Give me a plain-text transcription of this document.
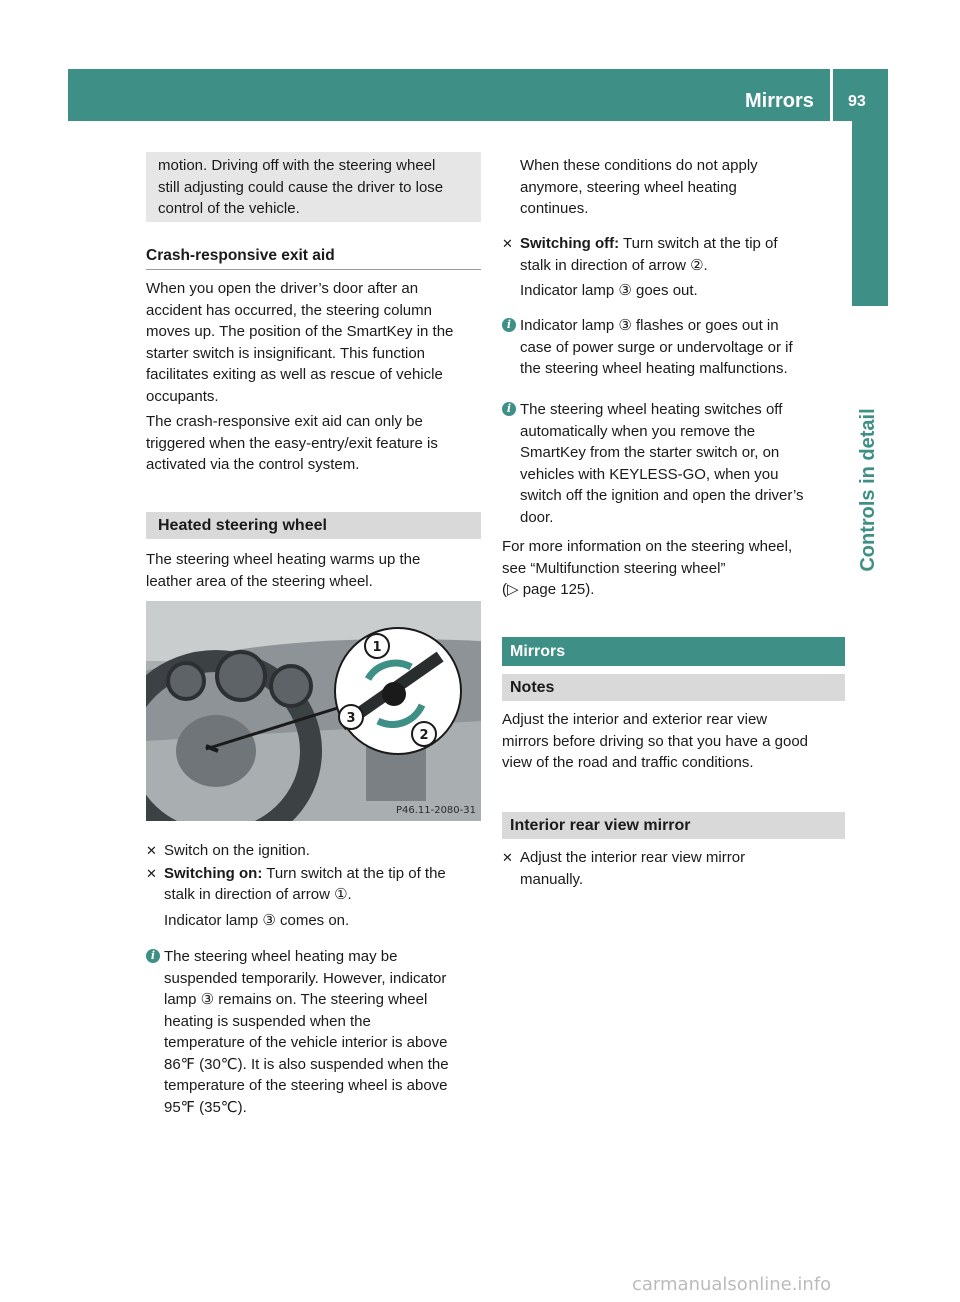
Mirrors 93
Controls in detail

motion. Driving off with the steering wheel

still adjusting could cause the driver to lose

control of the vehicle.

Crash-responsive exit aid

When you open the driver’s door after an

accident has occurred, the steering column

moves up. The position of the SmartKey in the

starter switch is insignificant. This function

facilitates exiting as well as rescue of vehicle

occupants.

The crash-responsive exit aid can only be

triggered when the easy-entry/exit feature is

activated via the control system.

Heated steering wheel

The steering wheel heating warms up the

leather area of the steering wheel.

1
3
2
P46.11-2080-31
✕ Switch on the ignition.

✕ Switching on: Turn switch at the tip of the

stalk in direction of arrow ①.

Indicator lamp ③ comes on.

i The steering wheel heating may be

suspended temporarily. However, indicator

lamp ③ remains on. The steering wheel

heating is suspended when the

temperature of the vehicle interior is above

86℉ (30℃). It is also suspended when the

temperature of the steering wheel is above

95℉ (35℃).

When these conditions do not apply

anymore, steering wheel heating

continues.

✕ Switching off: Turn switch at the tip of

stalk in direction of arrow ②.

Indicator lamp ③ goes out.

i Indicator lamp ③ flashes or goes out in

case of power surge or undervoltage or if

the steering wheel heating malfunctions.

i The steering wheel heating switches off

automatically when you remove the

SmartKey from the starter switch or, on

vehicles with KEYLESS-GO, when you

switch off the ignition and open the driver’s

door.

For more information on the steering wheel,

see “Multifunction steering wheel”

(▷ page 125).

Mirrors
Notes

Adjust the interior and exterior rear view

mirrors before driving so that you have a good

view of the road and traffic conditions.

Interior rear view mirror
✕ Adjust the interior rear view mirror

manually.

carmanualsonline.info
